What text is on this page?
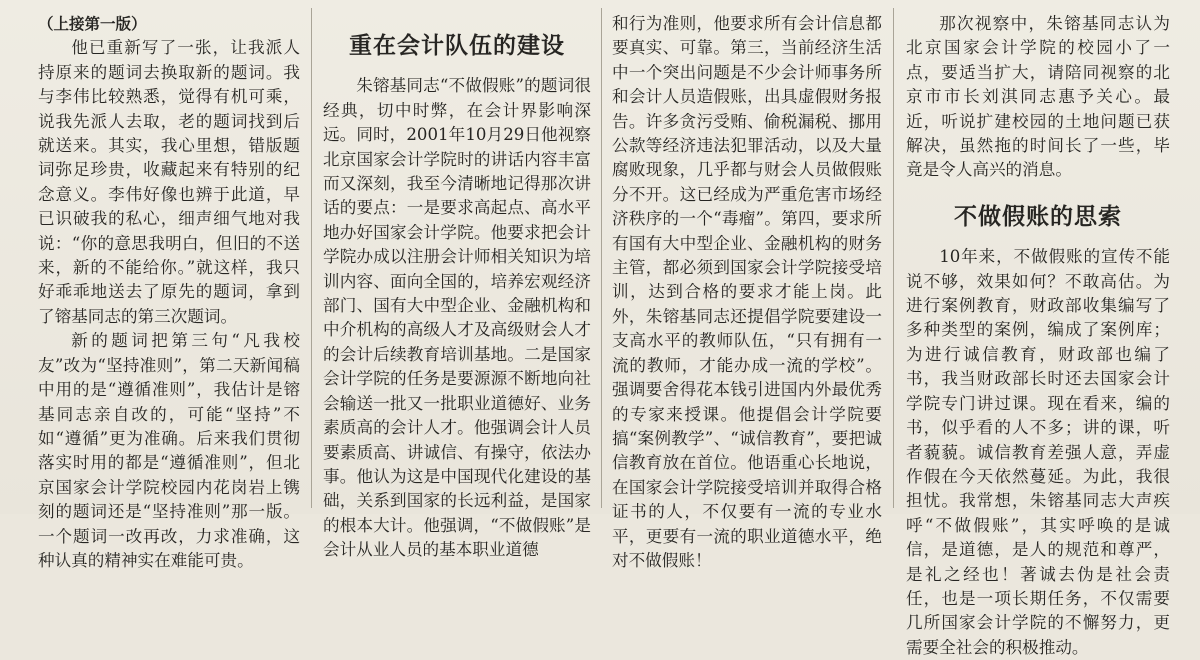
（上接第一版）

他已重新写了一张，让我派人持原来的题词去换取新的题词。我与李伟比较熟悉，觉得有机可乘，说我先派人去取，老的题词找到后就送来。其实，我心里想，错版题词弥足珍贵，收藏起来有特别的纪念意义。李伟好像也辨于此道，早已识破我的私心，细声细气地对我说：“你的意思我明白，但旧的不送来，新的不能给你。”就这样，我只好乖乖地送去了原先的题词，拿到了镕基同志的第三次题词。

新的题词把第三句“凡我校友”改为“坚持准则”，第二天新闻稿中用的是“遵循准则”，我估计是镕基同志亲自改的，可能“坚持”不如“遵循”更为准确。后来我们贯彻落实时用的都是“遵循准则”，但北京国家会计学院校园内花岗岩上镌刻的题词还是“坚持准则”那一版。一个题词一改再改，力求准确，这种认真的精神实在难能可贵。

重在会计队伍的建设

朱镕基同志“不做假账”的题词很经典，切中时弊，在会计界影响深远。同时，2001年10月29日他视察北京国家会计学院时的讲话内容丰富而又深刻，我至今清晰地记得那次讲话的要点：一是要求高起点、高水平地办好国家会计学院。他要求把会计学院办成以注册会计师相关知识为培训内容、面向全国的，培养宏观经济部门、国有大中型企业、金融机构和中介机构的高级人才及高级财会人才的会计后续教育培训基地。二是国家会计学院的任务是要源源不断地向社会输送一批又一批职业道德好、业务素质高的会计人才。他强调会计人员要素质高、讲诚信、有操守，依法办事。他认为这是中国现代化建设的基础，关系到国家的长远利益，是国家的根本大计。他强调，“不做假账”是会计从业人员的基本职业道德

和行为准则，他要求所有会计信息都要真实、可靠。第三，当前经济生活中一个突出问题是不少会计师事务所和会计人员造假账，出具虚假财务报告。许多贪污受贿、偷税漏税、挪用公款等经济违法犯罪活动，以及大量腐败现象，几乎都与财会人员做假账分不开。这已经成为严重危害市场经济秩序的一个“毒瘤”。第四，要求所有国有大中型企业、金融机构的财务主管，都必须到国家会计学院接受培训，达到合格的要求才能上岗。此外，朱镕基同志还提倡学院要建设一支高水平的教师队伍，“只有拥有一流的教师，才能办成一流的学校”。强调要舍得花本钱引进国内外最优秀的专家来授课。他提倡会计学院要搞“案例教学”、“诚信教育”，要把诚信教育放在首位。他语重心长地说，在国家会计学院接受培训并取得合格证书的人，不仅要有一流的专业水平，更要有一流的职业道德水平，绝对不做假账！

那次视察中，朱镕基同志认为北京国家会计学院的校园小了一点，要适当扩大，请陪同视察的北京市市长刘淇同志惠予关心。最近，听说扩建校园的土地问题已获解决，虽然拖的时间长了一些，毕竟是令人高兴的消息。

不做假账的思索

10年来，不做假账的宣传不能说不够，效果如何？不敢高估。为进行案例教育，财政部收集编写了多种类型的案例，编成了案例库；为进行诚信教育，财政部也编了书，我当财政部长时还去国家会计学院专门讲过课。现在看来，编的书，似乎看的人不多；讲的课，听者藐藐。诚信教育差强人意，弄虚作假在今天依然蔓延。为此，我很担忧。我常想，朱镕基同志大声疾呼“不做假账”，其实呼唤的是诚信，是道德，是人的规范和尊严，是礼之经也！著诚去伪是社会责任，也是一项长期任务，不仅需要几所国家会计学院的不懈努力，更需要全社会的积极推动。
